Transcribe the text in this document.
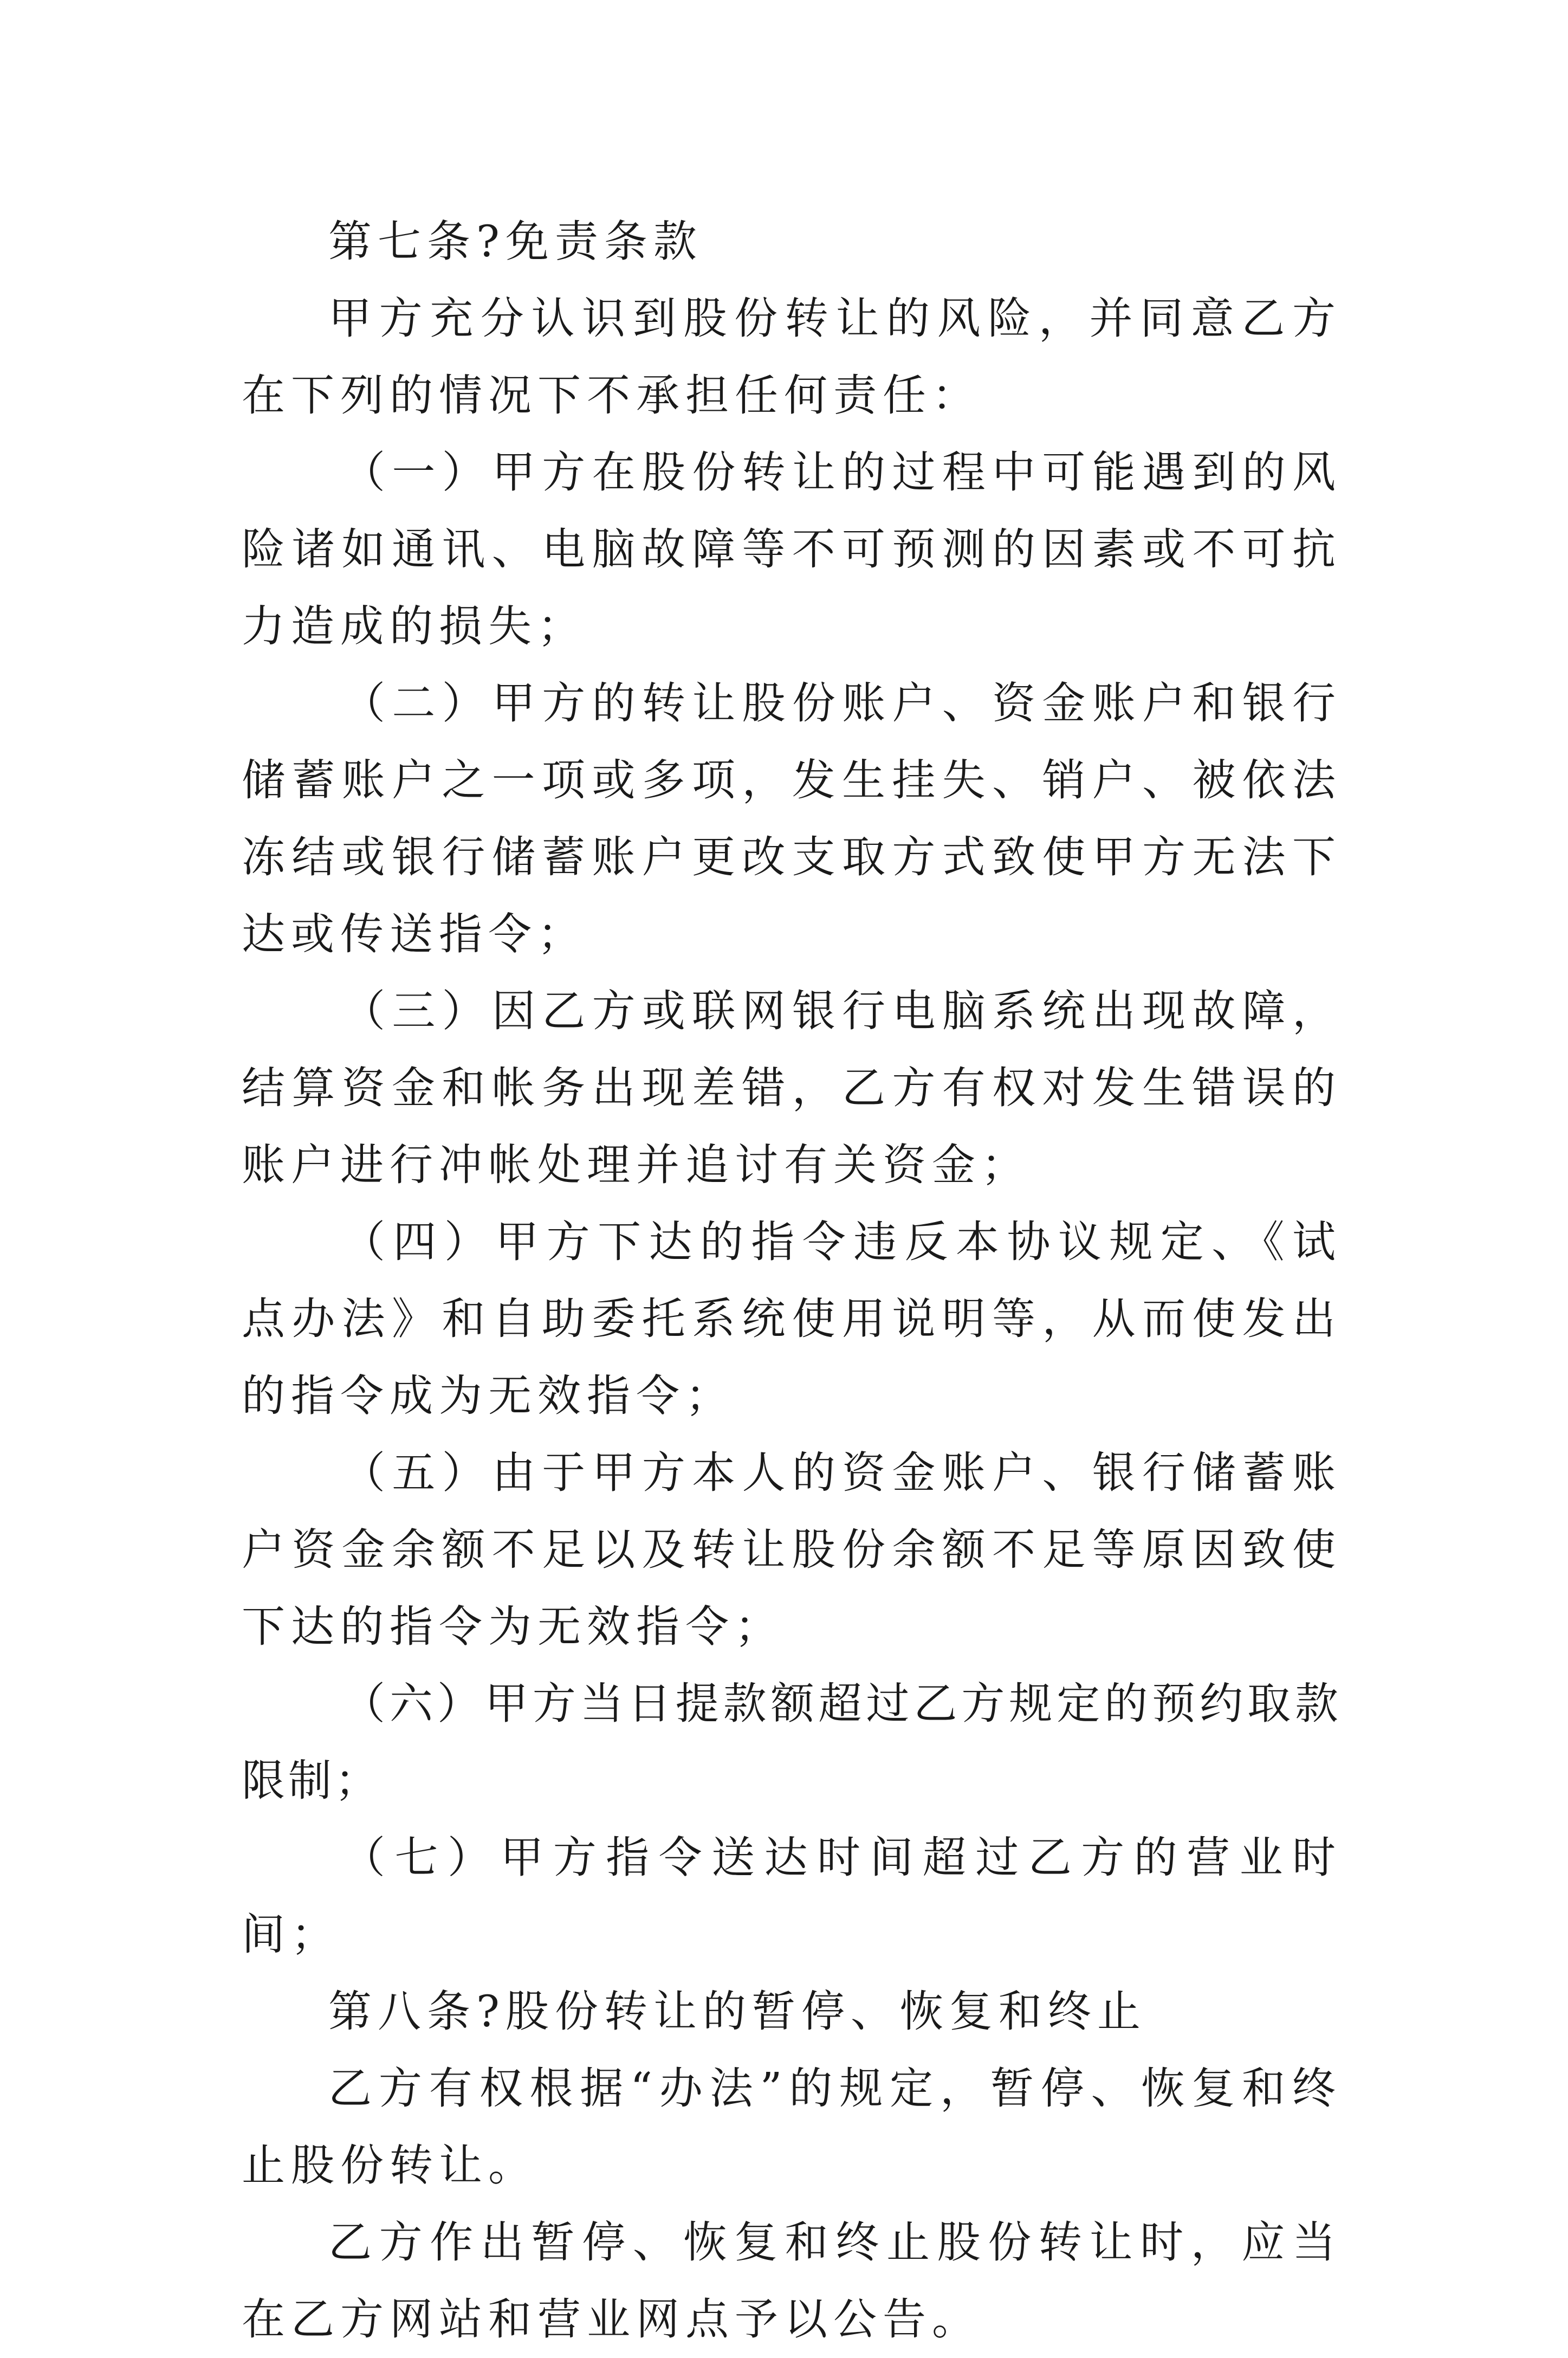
第七条?免责条款

甲方充分认识到股份转让的风险，并同意乙方在下列的情况下不承担任何责任：

（一）甲方在股份转让的过程中可能遇到的风险诸如通讯、电脑故障等不可预测的因素或不可抗力造成的损失；

（二）甲方的转让股份账户、资金账户和银行储蓄账户之一项或多项，发生挂失、销户、被依法冻结或银行储蓄账户更改支取方式致使甲方无法下达或传送指令；

（三）因乙方或联网银行电脑系统出现故障，结算资金和帐务出现差错，乙方有权对发生错误的账户进行冲帐处理并追讨有关资金；

（四）甲方下达的指令违反本协议规定、《试点办法》和自助委托系统使用说明等，从而使发出的指令成为无效指令；

（五）由于甲方本人的资金账户、银行储蓄账户资金余额不足以及转让股份余额不足等原因致使下达的指令为无效指令；

（六）甲方当日提款额超过乙方规定的预约取款限制；

（七）甲方指令送达时间超过乙方的营业时间；

第八条?股份转让的暂停、恢复和终止

乙方有权根据“办法”的规定，暂停、恢复和终止股份转让。

乙方作出暂停、恢复和终止股份转让时，应当在乙方网站和营业网点予以公告。
